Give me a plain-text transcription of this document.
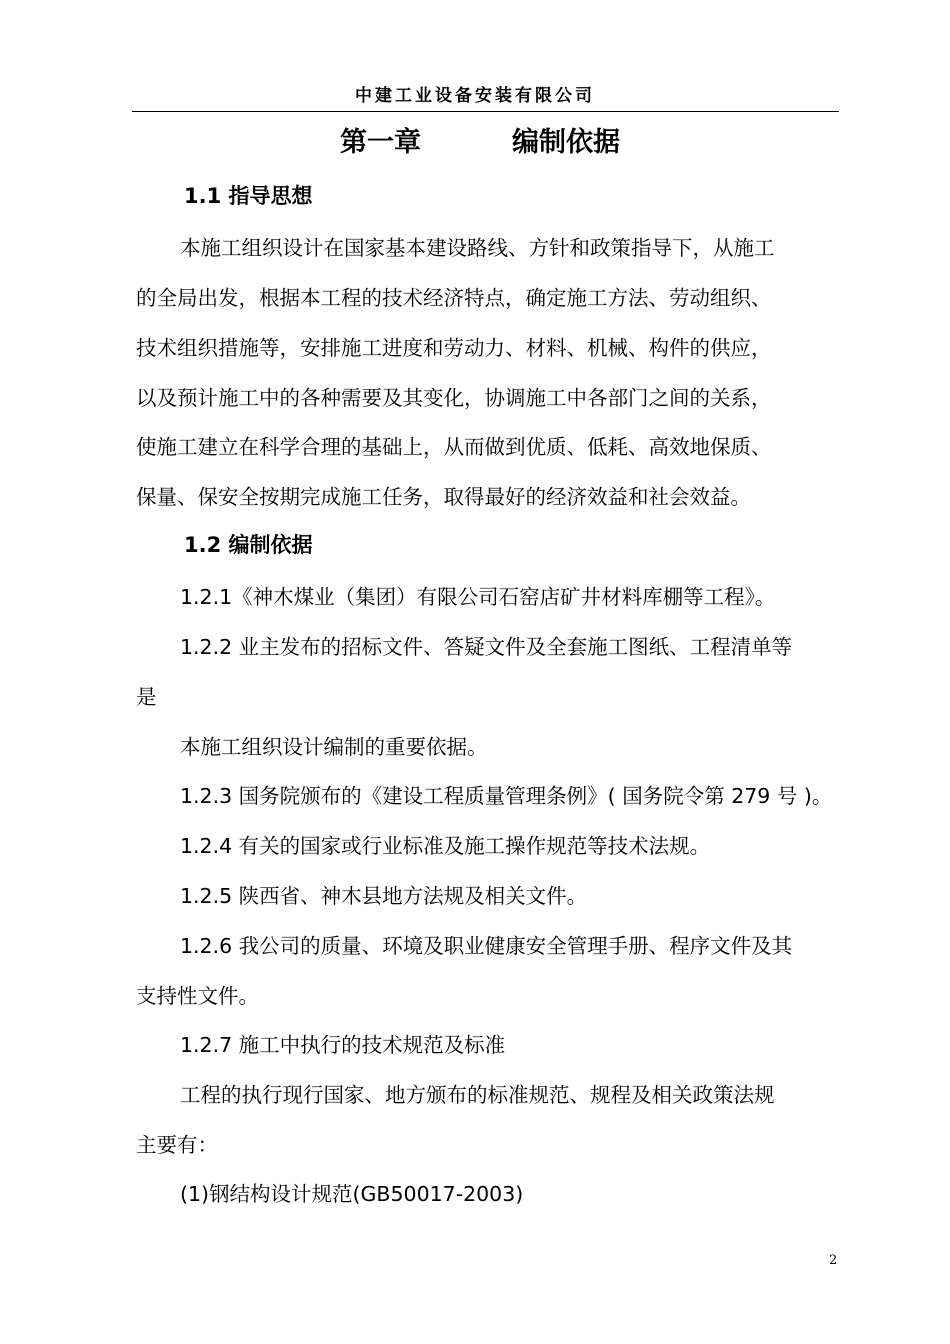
中建工业设备安装有限公司
第一章	编制依据
1.1 指导思想
本施工组织设计在国家基本建设路线、方针和政策指导下，从施工
的全局出发，根据本工程的技术经济特点，确定施工方法、劳动组织、
技术组织措施等，安排施工进度和劳动力、材料、机械、构件的供应，
以及预计施工中的各种需要及其变化，协调施工中各部门之间的关系，
使施工建立在科学合理的基础上，从而做到优质、低耗、高效地保质、
保量、保安全按期完成施工任务，取得最好的经济效益和社会效益。
1.2 编制依据
1.2.1《神木煤业（集团）有限公司石窑店矿井材料库棚等工程》。
1.2.2 业主发布的招标文件、答疑文件及全套施工图纸、工程清单等
是
本施工组织设计编制的重要依据。
1.2.3 国务院颁布的《建设工程质量管理条例》( 国务院令第 279 号 )。
1.2.4 有关的国家或行业标准及施工操作规范等技术法规。
1.2.5 陕西省、神木县地方法规及相关文件。
1.2.6 我公司的质量、环境及职业健康安全管理手册、程序文件及其
支持性文件。
1.2.7 施工中执行的技术规范及标准
工程的执行现行国家、地方颁布的标准规范、规程及相关政策法规
主要有：
(1)钢结构设计规范(GB50017-2003)
2
